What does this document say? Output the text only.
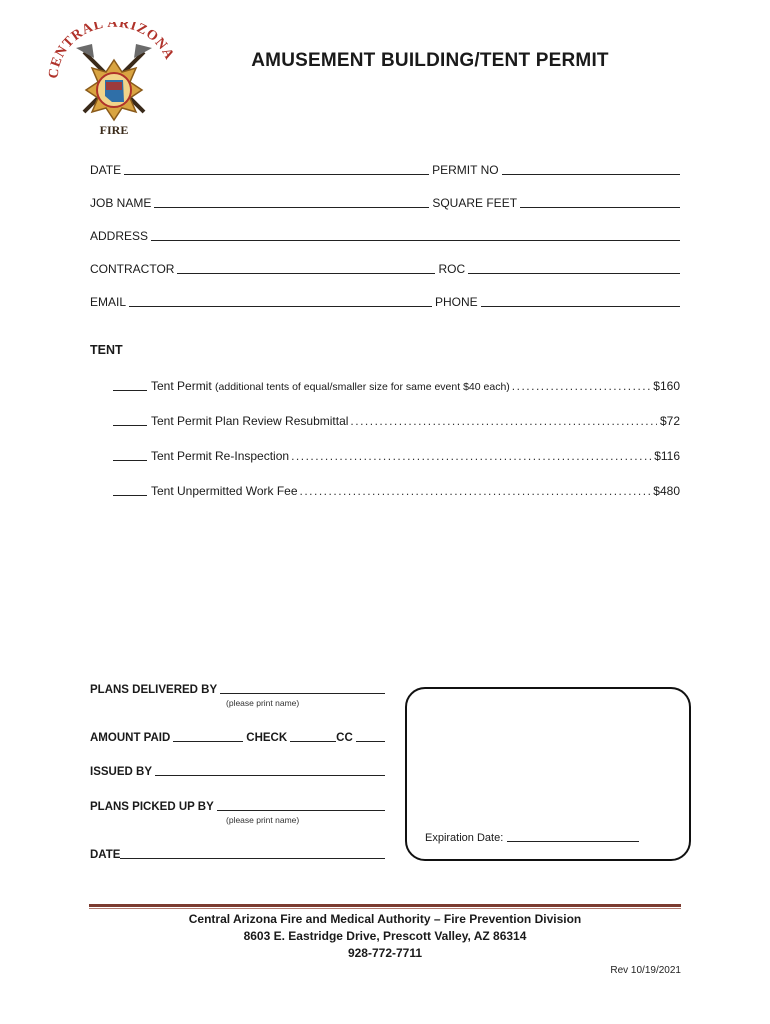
CENTRAL ARIZONA
FIRE
AMUSEMENT BUILDING/TENT PERMIT
DATE	PERMIT NO
JOB NAME	SQUARE FEET
ADDRESS
CONTRACTOR	ROC
EMAIL	PHONE
TENT
Tent Permit
(additional tents of equal/smaller size for same event $40 each) .....	$160
Tent Permit Plan Review Resubmittal .....	$72
Tent Permit Re-Inspection .....	$116
Tent Unpermitted Work Fee .....	$480
PLANS DELIVERED BY
(please print name)
AMOUNT PAID	CHECK	CC
ISSUED BY
PLANS PICKED UP BY
(please print name)
DATE
Expiration Date:
Central Arizona Fire and Medical Authority – Fire Prevention Division
8603 E. Eastridge Drive, Prescott Valley, AZ 86314
928-772-7711
Rev 10/19/2021
